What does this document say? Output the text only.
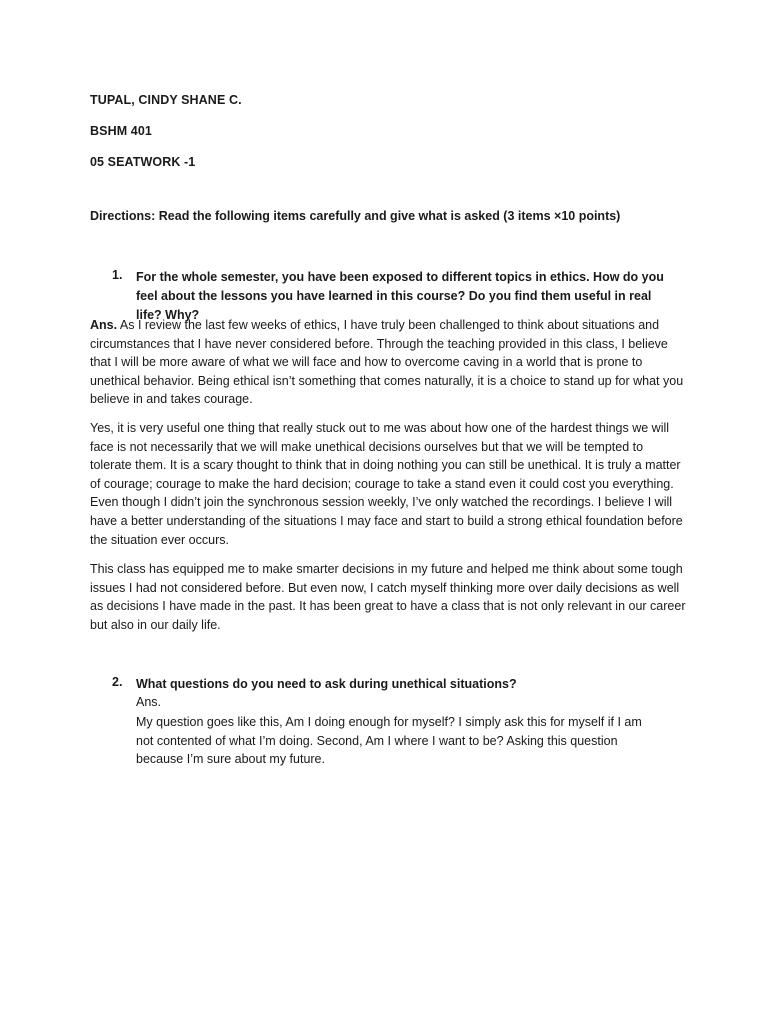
TUPAL, CINDY SHANE C.
BSHM 401
05 SEATWORK -1
Directions: Read the following items carefully and give what is asked (3 items ×10 points)
1. For the whole semester, you have been exposed to different topics in ethics. How do you feel about the lessons you have learned in this course? Do you find them useful in real life? Why?
Ans. As I review the last few weeks of ethics, I have truly been challenged to think about situations and circumstances that I have never considered before. Through the teaching provided in this class, I believe that I will be more aware of what we will face and how to overcome caving in a world that is prone to unethical behavior. Being ethical isn’t something that comes naturally, it is a choice to stand up for what you believe in and takes courage.
Yes, it is very useful one thing that really stuck out to me was about how one of the hardest things we will face is not necessarily that we will make unethical decisions ourselves but that we will be tempted to tolerate them. It is a scary thought to think that in doing nothing you can still be unethical. It is truly a matter of courage; courage to make the hard decision; courage to take a stand even it could cost you everything. Even though I didn’t join the synchronous session weekly, I’ve only watched the recordings. I believe I will have a better understanding of the situations I may face and start to build a strong ethical foundation before the situation ever occurs.
This class has equipped me to make smarter decisions in my future and helped me think about some tough issues I had not considered before. But even now, I catch myself thinking more over daily decisions as well as decisions I have made in the past. It has been great to have a class that is not only relevant in our career but also in our daily life.
2. What questions do you need to ask during unethical situations?
Ans.
My question goes like this, Am I doing enough for myself? I simply ask this for myself if I am not contented of what I’m doing. Second, Am I where I want to be? Asking this question because I’m sure about my future.
